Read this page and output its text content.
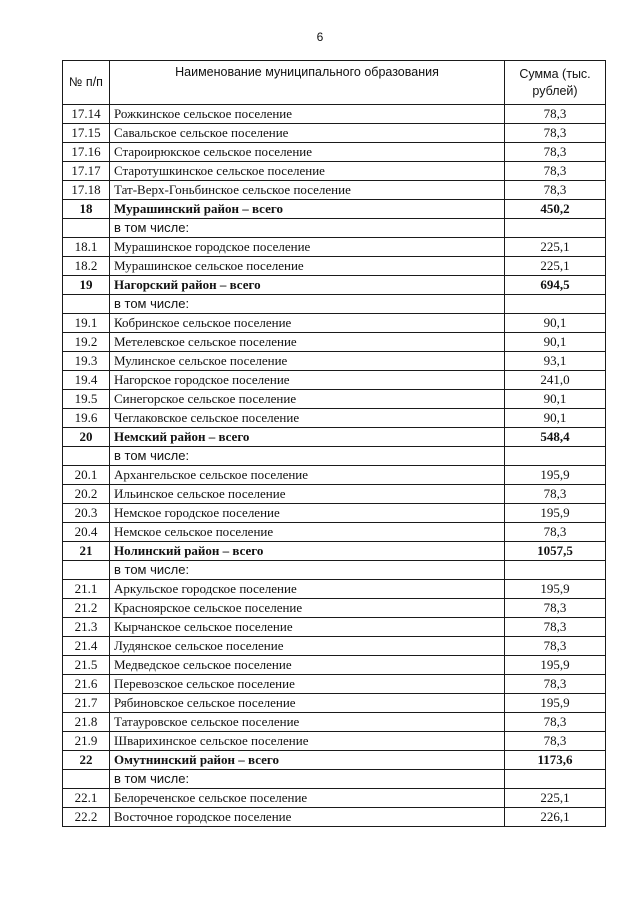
6
№ п/п	Наименование муниципального образования	Сумма (тыс. рублей)
17.14	Рожкинское сельское поселение	78,3
17.15	Савальское сельское поселение	78,3
17.16	Староирюкское сельское поселение	78,3
17.17	Старотушкинское сельское поселение	78,3
17.18	Тат-Верх-Гоньбинское сельское поселение	78,3
18	Мурашинский район – всего	450,2
	в том числе:	
18.1	Мурашинское городское поселение	225,1
18.2	Мурашинское сельское поселение	225,1
19	Нагорский район – всего	694,5
	в том числе:	
19.1	Кобринское сельское поселение	90,1
19.2	Метелевское сельское поселение	90,1
19.3	Мулинское сельское поселение	93,1
19.4	Нагорское городское поселение	241,0
19.5	Синегорское сельское поселение	90,1
19.6	Чеглаковское сельское поселение	90,1
20	Немский район – всего	548,4
	в том числе:	
20.1	Архангельское сельское поселение	195,9
20.2	Ильинское сельское поселение	78,3
20.3	Немское городское поселение	195,9
20.4	Немское сельское поселение	78,3
21	Нолинский район – всего	1057,5
	в том числе:	
21.1	Аркульское городское поселение	195,9
21.2	Красноярское сельское поселение	78,3
21.3	Кырчанское сельское поселение	78,3
21.4	Лудянское сельское поселение	78,3
21.5	Медведское сельское поселение	195,9
21.6	Перевозское сельское поселение	78,3
21.7	Рябиновское сельское поселение	195,9
21.8	Татауровское сельское поселение	78,3
21.9	Шварихинское сельское поселение	78,3
22	Омутнинский район – всего	1173,6
	в том числе:	
22.1	Белореченское сельское поселение	225,1
22.2	Восточное городское поселение	226,1
